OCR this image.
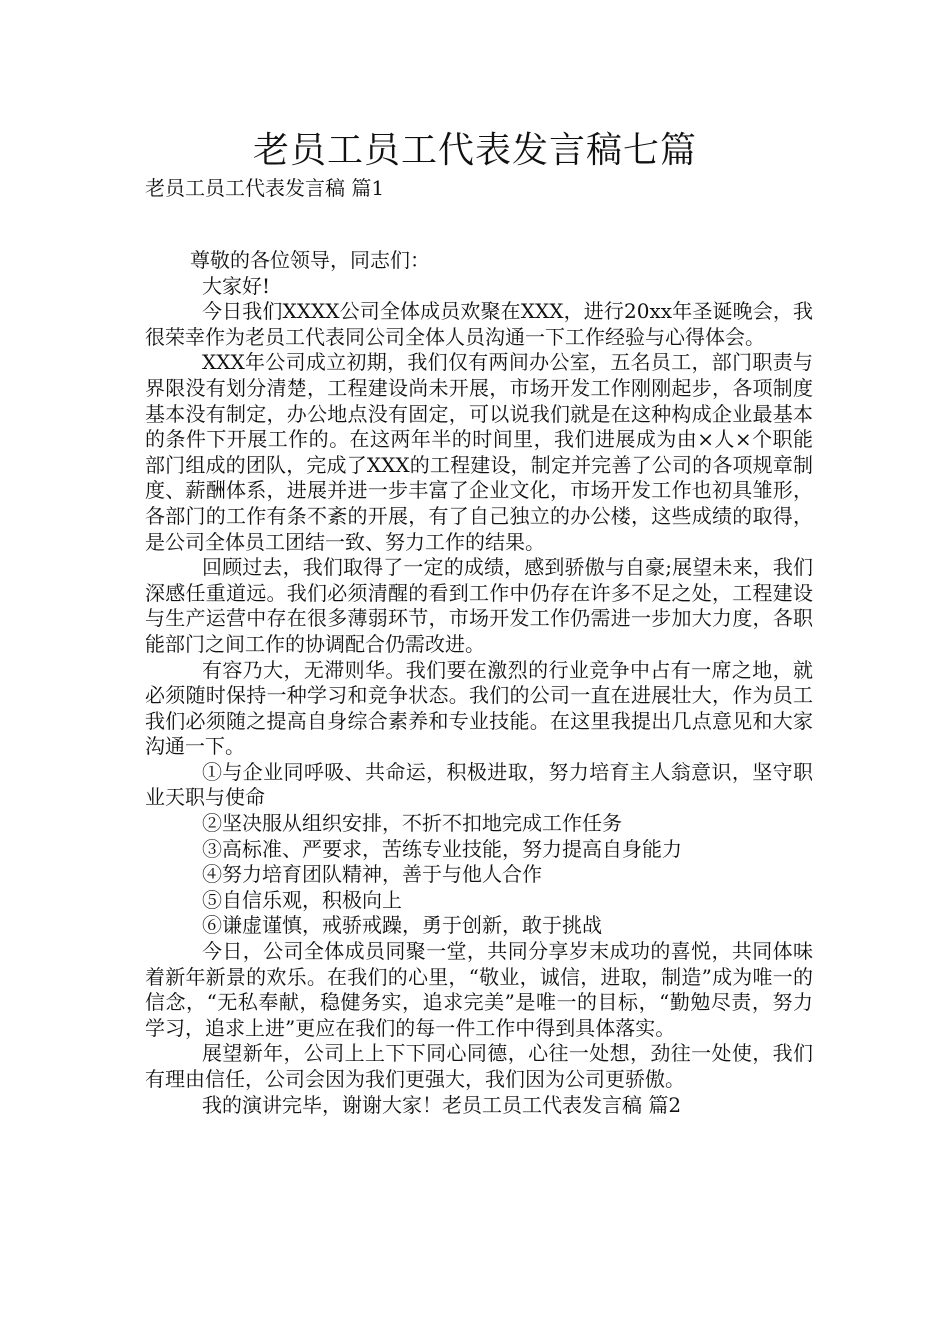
老员工员工代表发言稿七篇
老员工员工代表发言稿 篇1

尊敬的各位领导，同志们：

大家好!

今日我们XXXX公司全体成员欢聚在XXX，进行20xx年圣诞晚会，我很荣幸作为老员工代表同公司全体人员沟通一下工作经验与心得体会。

XXX年公司成立初期，我们仅有两间办公室，五名员工，部门职责与界限没有划分清楚，工程建设尚未开展，市场开发工作刚刚起步，各项制度基本没有制定，办公地点没有固定，可以说我们就是在这种构成企业最基本的条件下开展工作的。在这两年半的时间里，我们进展成为由×人×个职能部门组成的团队，完成了XXX的工程建设，制定并完善了公司的各项规章制度、薪酬体系，进展并进一步丰富了企业文化，市场开发工作也初具雏形，各部门的工作有条不紊的开展，有了自己独立的办公楼，这些成绩的取得，是公司全体员工团结一致、努力工作的结果。

回顾过去，我们取得了一定的成绩，感到骄傲与自豪;展望未来，我们深感任重道远。我们必须清醒的看到工作中仍存在许多不足之处，工程建设与生产运营中存在很多薄弱环节，市场开发工作仍需进一步加大力度，各职能部门之间工作的协调配合仍需改进。

有容乃大，无滞则华。我们要在激烈的行业竞争中占有一席之地，就必须随时保持一种学习和竞争状态。我们的公司一直在进展壮大，作为员工我们必须随之提高自身综合素养和专业技能。在这里我提出几点意见和大家沟通一下。

①与企业同呼吸、共命运，积极进取，努力培育主人翁意识，坚守职业天职与使命

②坚决服从组织安排，不折不扣地完成工作任务

③高标准、严要求，苦练专业技能，努力提高自身能力

④努力培育团队精神，善于与他人合作

⑤自信乐观，积极向上

⑥谦虚谨慎，戒骄戒躁，勇于创新，敢于挑战

今日，公司全体成员同聚一堂，共同分享岁末成功的喜悦，共同体味着新年新景的欢乐。在我们的心里，“敬业，诚信，进取，制造”成为唯一的信念，“无私奉献，稳健务实，追求完美”是唯一的目标，“勤勉尽责，努力学习，追求上进”更应在我们的每一件工作中得到具体落实。

展望新年，公司上上下下同心同德，心往一处想，劲往一处使，我们有理由信任，公司会因为我们更强大，我们因为公司更骄傲。

我的演讲完毕，谢谢大家！老员工员工代表发言稿 篇2
